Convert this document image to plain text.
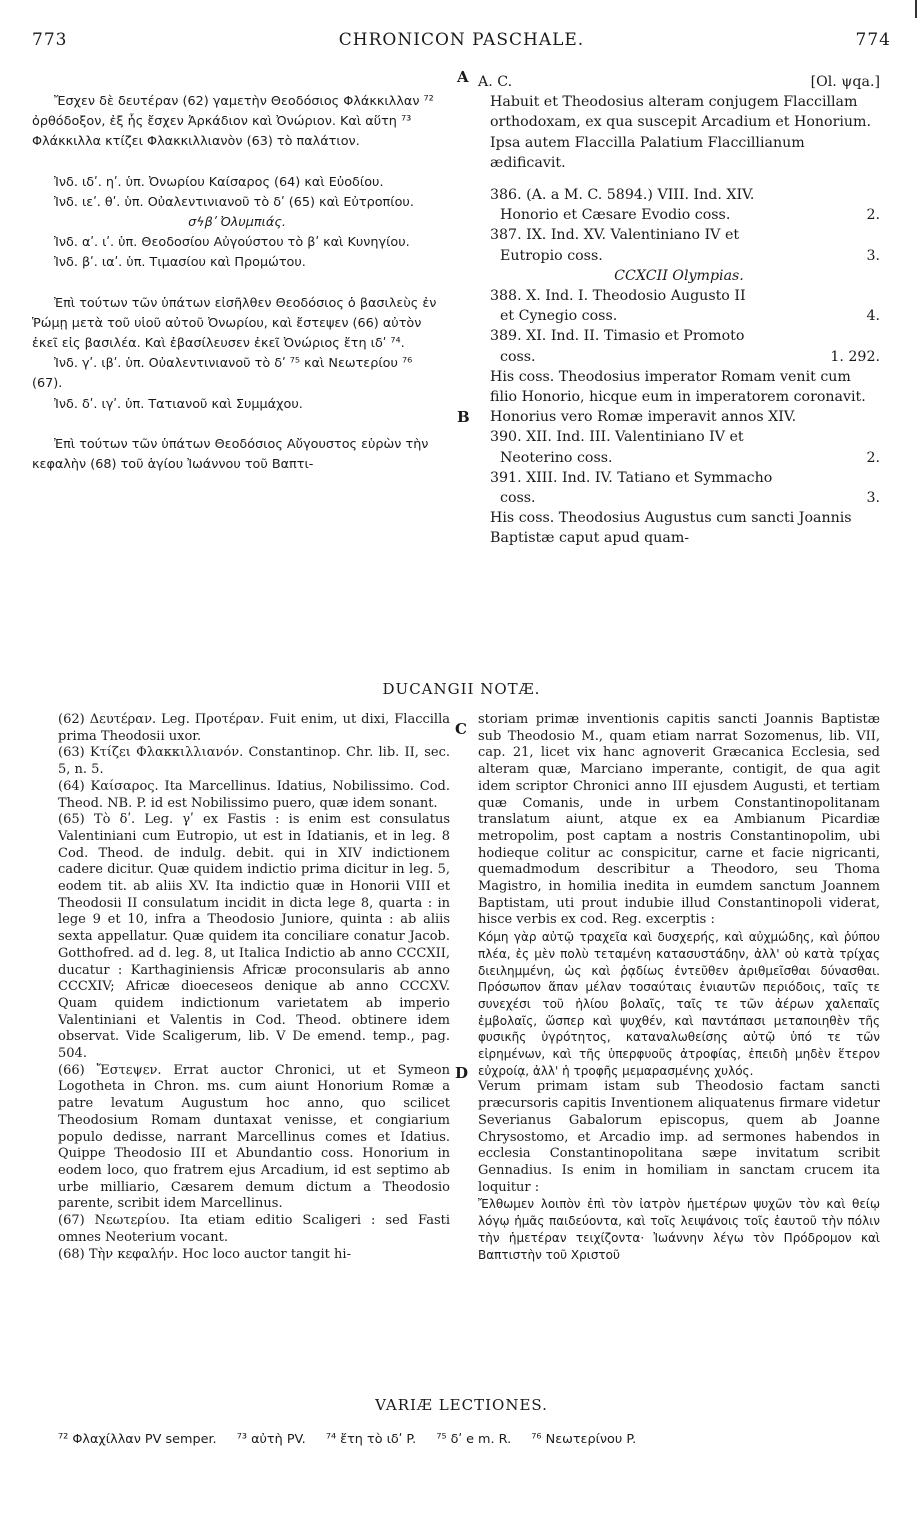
773	CHRONICON PASCHALE.	774
A
B
C
D

Ἔσχεν δὲ δευτέραν (62) γαμετὴν Θεοδόσιος Φλάκκιλλαν ⁷² ὀρθόδοξον, ἐξ ἧς ἔσχεν Ἀρκάδιον καὶ Ὀνώριον. Καὶ αὕτη ⁷³ Φλάκκιλλα κτίζει Φλακκιλλιανὸν (63) τὸ παλάτιον.

Ἰνδ. ιδʹ. ηʹ. ὑπ. Ὀνωρίου Καίσαρος (64) καὶ Εὐοδίου.

Ἰνδ. ιεʹ. θʹ. ὑπ. Οὐαλεντινιανοῦ τὸ δʹ (65) καὶ Εὐτροπίου.

σϟβʹ Ὀλυμπιάς.

Ἰνδ. αʹ. ιʹ. ὑπ. Θεοδοσίου Αὐγούστου τὸ βʹ καὶ Κυνηγίου.

Ἰνδ. βʹ. ιαʹ. ὑπ. Τιμασίου καὶ Προμώτου.

Ἐπὶ τούτων τῶν ὑπάτων εἰσῆλθεν Θεοδόσιος ὁ βασιλεὺς ἐν Ῥώμῃ μετὰ τοῦ υἱοῦ αὐτοῦ Ὀνωρίου, καὶ ἔστεψεν (66) αὐτὸν ἐκεῖ εἰς βασιλέα. Καὶ ἐβασίλευσεν ἐκεῖ Ὀνώριος ἔτη ιδʹ ⁷⁴.

Ἰνδ. γʹ. ιβʹ. ὑπ. Οὐαλεντινιανοῦ τὸ δʹ ⁷⁵ καὶ Νεωτερίου ⁷⁶ (67).

Ἰνδ. δʹ. ιγʹ. ὑπ. Τατιανοῦ καὶ Συμμάχου.

Ἐπὶ τούτων τῶν ὑπάτων Θεοδόσιος Αὔγουστος εὑρὼν τὴν κεφαλὴν (68) τοῦ ἁγίου Ἰωάννου τοῦ Βαπτι-

A. C.	[Ol. ψqa.]

Habuit et Theodosius alteram conjugem Flaccillam orthodoxam, ex qua suscepit Arcadium et Honorium. Ipsa autem Flaccilla Palatium Flaccillianum ædificavit.

386. (A. a M. C. 5894.) VIII. Ind. XIV.

Honorio et Cæsare Evodio coss.	2.

387. IX. Ind. XV. Valentiniano IV et

Eutropio coss.	3.

CCXCII Olympias.

388. X. Ind. I. Theodosio Augusto II

et Cynegio coss.	4.

389. XI. Ind. II. Timasio et Promoto

coss.	1. 292.

His coss. Theodosius imperator Romam venit cum filio Honorio, hicque eum in imperatorem coronavit. Honorius vero Romæ imperavit annos XIV.

390. XII. Ind. III. Valentiniano IV et

Neoterino coss.	2.

391. XIII. Ind. IV. Tatiano et Symmacho

coss.	3.

His coss. Theodosius Augustus cum sancti Joannis Baptistæ caput apud quam-

DUCANGII NOTÆ.

(62) Δευτέραν. Leg. Προτέραν. Fuit enim, ut dixi, Flaccilla prima Theodosii uxor.

(63) Κτίζει Φλακκιλλιανόν. Constantinop. Chr. lib. II, sec. 5, n. 5.

(64) Καίσαρος. Ita Marcellinus. Idatius, Nobilissimo. Cod. Theod. NB. P. id est Nobilissimo puero, quæ idem sonant.

(65) Τὸ δʹ. Leg. γʹ ex Fastis : is enim est consulatus Valentiniani cum Eutropio, ut est in Idatianis, et in leg. 8 Cod. Theod. de indulg. debit. qui in XIV indictionem cadere dicitur. Quæ quidem indictio prima dicitur in leg. 5, eodem tit. ab aliis XV. Ita indictio quæ in Honorii VIII et Theodosii II consulatum incidit in dicta lege 8, quarta : in lege 9 et 10, infra a Theodosio Juniore, quinta : ab aliis sexta appellatur. Quæ quidem ita conciliare conatur Jacob. Gotthofred. ad d. leg. 8, ut Italica Indictio ab anno CCCXII, ducatur : Karthaginiensis Africæ proconsularis ab anno CCCXIV; Africæ dioeceseos denique ab anno CCCXV. Quam quidem indictionum varietatem ab imperio Valentiniani et Valentis in Cod. Theod. obtinere idem observat. Vide Scaligerum, lib. V De emend. temp., pag. 504.

(66) Ἔστεψεν. Errat auctor Chronici, ut et Symeon Logotheta in Chron. ms. cum aiunt Honorium Romæ a patre levatum Augustum hoc anno, quo scilicet Theodosium Romam duntaxat venisse, et congiarium populo dedisse, narrant Marcellinus comes et Idatius. Quippe Theodosio III et Abundantio coss. Honorium in eodem loco, quo fratrem ejus Arcadium, id est septimo ab urbe milliario, Cæsarem demum dictum a Theodosio parente, scribit idem Marcellinus.

(67) Νεωτερίου. Ita etiam editio Scaligeri : sed Fasti omnes Neoterium vocant.

(68) Τὴν κεφαλήν. Hoc loco auctor tangit hi-

storiam primæ inventionis capitis sancti Joannis Baptistæ sub Theodosio M., quam etiam narrat Sozomenus, lib. VII, cap. 21, licet vix hanc agnoverit Græcanica Ecclesia, sed alteram quæ, Marciano imperante, contigit, de qua agit idem scriptor Chronici anno III ejusdem Augusti, et tertiam quæ Comanis, unde in urbem Constantinopolitanam translatum aiunt, atque ex ea Ambianum Picardiæ metropolim, post captam a nostris Constantinopolim, ubi hodieque colitur ac conspicitur, carne et facie nigricanti, quemadmodum describitur a Theodoro, seu Thoma Magistro, in homilia inedita in eumdem sanctum Joannem Baptistam, uti prout indubie illud Constantinopoli viderat, hisce verbis ex cod. Reg. excerptis :

Κόμη γὰρ αὐτῷ τραχεῖα καὶ δυσχερής, καὶ αὐχμώδης, καὶ ῥύπου πλέα, ἐς μὲν πολὺ τεταμένη κατασυστάδην, ἀλλ' οὐ κατὰ τρίχας διειλημμένη, ὡς καὶ ῥᾳδίως ἐντεῦθεν ἀριθμεῖσθαι δύνασθαι. Πρόσωπον ἅπαν μέλαν τοσαύταις ἐνιαυτῶν περιόδοις, ταῖς τε συνεχέσι τοῦ ἡλίου βολαῖς, ταῖς τε τῶν ἀέρων χαλεπαῖς ἐμβολαῖς, ὥσπερ καὶ ψυχθέν, καὶ παντάπασι μεταποιηθὲν τῆς φυσικῆς ὑγρότητος, καταναλωθείσης αὐτῷ ὑπό τε τῶν εἰρημένων, καὶ τῆς ὑπερφυοῦς ἀτροφίας, ἐπειδὴ μηδὲν ἕτερον εὐχροίᾳ, ἀλλ' ἡ τροφῆς μεμαρασμένης χυλός.

Verum primam istam sub Theodosio factam sancti præcursoris capitis Inventionem aliquatenus firmare videtur Severianus Gabalorum episcopus, quem ab Joanne Chrysostomo, et Arcadio imp. ad sermones habendos in ecclesia Constantinopolitana sæpe invitatum scribit Gennadius. Is enim in homiliam in sanctam crucem ita loquitur :

Ἔλθωμεν λοιπὸν ἐπὶ τὸν ἰατρὸν ἡμετέρων ψυχῶν τὸν καὶ θείῳ λόγῳ ἡμᾶς παιδεύοντα, καὶ τοῖς λειψάνοις τοῖς ἑαυτοῦ τὴν πόλιν τὴν ἡμετέραν τειχίζοντα· Ἰωάννην λέγω τὸν Πρόδρομον καὶ Βαπτιστὴν τοῦ Χριστοῦ

VARIÆ LECTIONES.
⁷² Φλαχίλλαν PV semper. ⁷³ αὐτὴ PV. ⁷⁴ ἔτη τὸ ιδʹ P. ⁷⁵ δʹ e m. R. ⁷⁶ Νεωτερίνου P.
